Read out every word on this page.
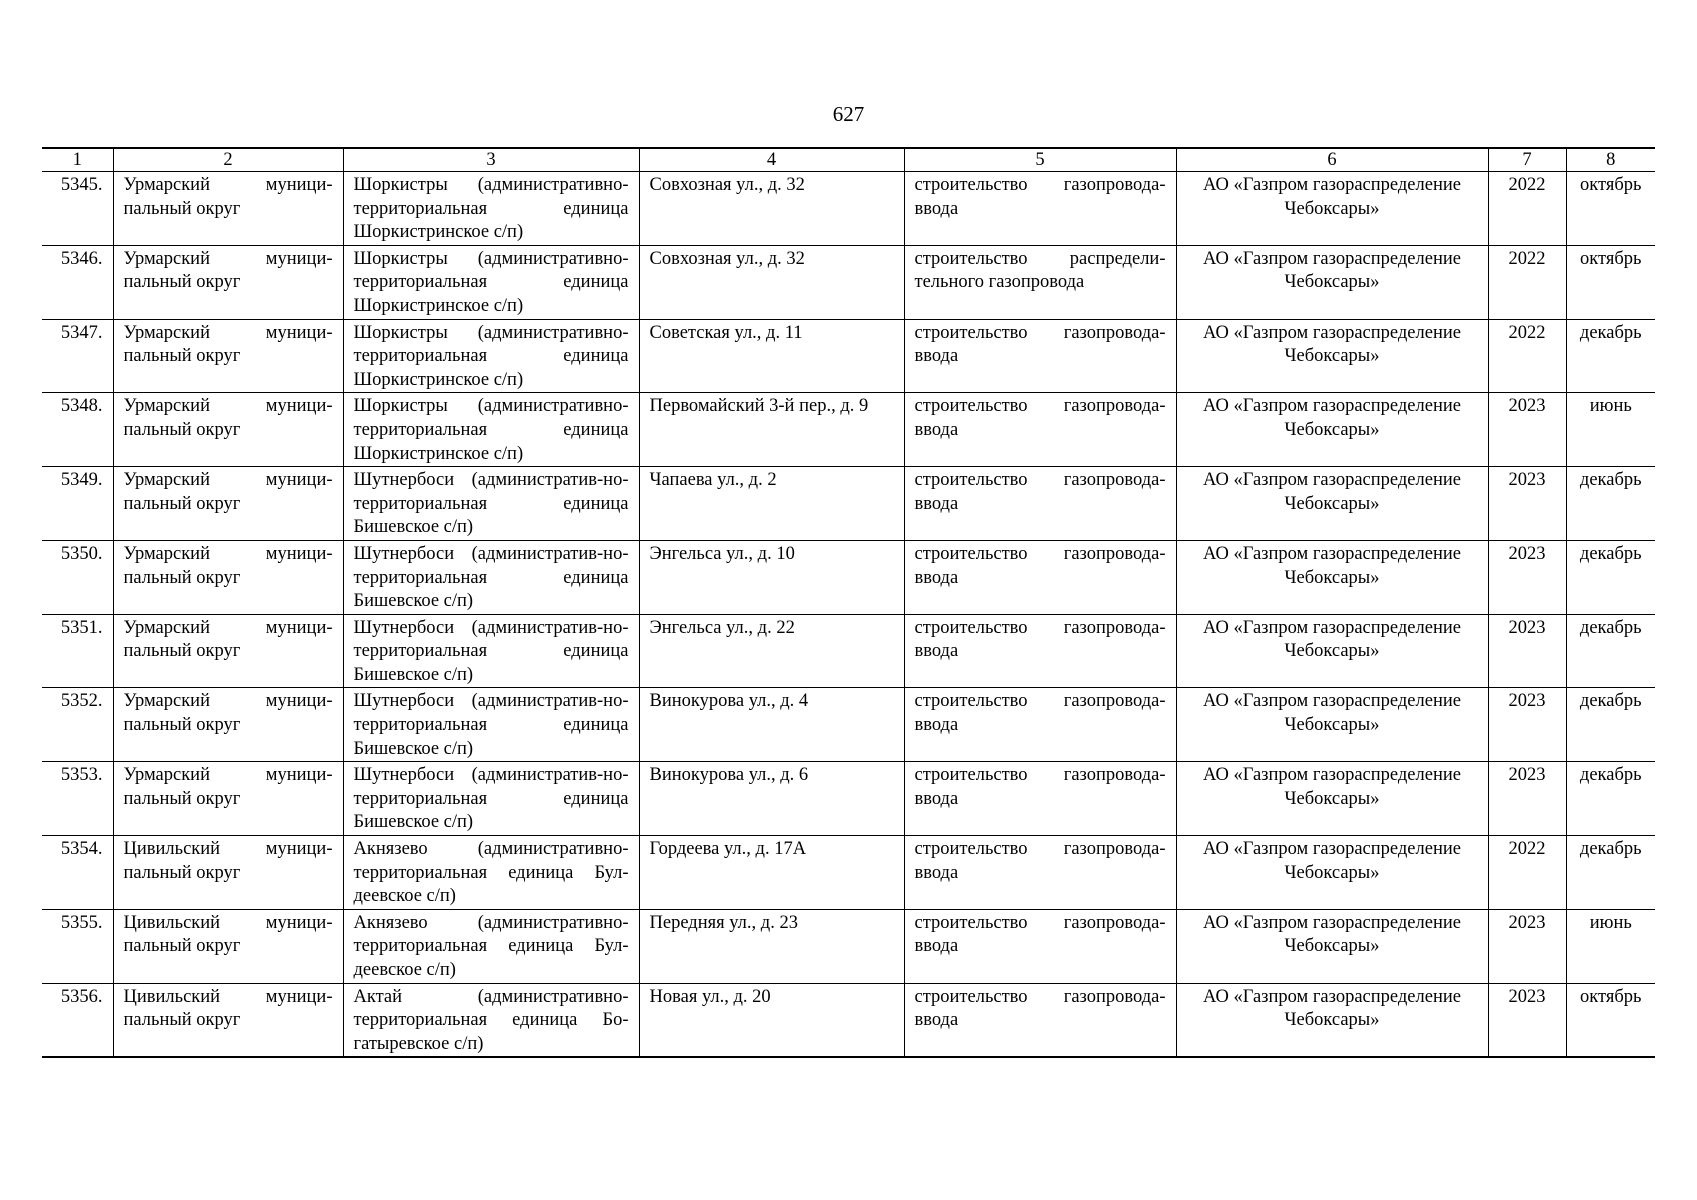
627
1	2	3	4	5	6	7	8
5345.	Урмарский муници-пальный округ	Шоркистры (административно-территориальная единица Шоркистринское с/п)	Совхозная ул., д. 32	строительство газопровода-ввода	АО «Газпром газораспределение Чебоксары»	2022	октябрь
5346.	Урмарский муници-пальный округ	Шоркистры (административно-территориальная единица Шоркистринское с/п)	Совхозная ул., д. 32	строительство распредели-тельного газопровода	АО «Газпром газораспределение Чебоксары»	2022	октябрь
5347.	Урмарский муници-пальный округ	Шоркистры (административно-территориальная единица Шоркистринское с/п)	Советская ул., д. 11	строительство газопровода-ввода	АО «Газпром газораспределение Чебоксары»	2022	декабрь
5348.	Урмарский муници-пальный округ	Шоркистры (административно-территориальная единица Шоркистринское с/п)	Первомайский 3-й пер., д. 9	строительство газопровода-ввода	АО «Газпром газораспределение Чебоксары»	2023	июнь
5349.	Урмарский муници-пальный округ	Шутнербоси (административ-но-территориальная единица Бишевское с/п)	Чапаева ул., д. 2	строительство газопровода-ввода	АО «Газпром газораспределение Чебоксары»	2023	декабрь
5350.	Урмарский муници-пальный округ	Шутнербоси (административ-но-территориальная единица Бишевское с/п)	Энгельса ул., д. 10	строительство газопровода-ввода	АО «Газпром газораспределение Чебоксары»	2023	декабрь
5351.	Урмарский муници-пальный округ	Шутнербоси (административ-но-территориальная единица Бишевское с/п)	Энгельса ул., д. 22	строительство газопровода-ввода	АО «Газпром газораспределение Чебоксары»	2023	декабрь
5352.	Урмарский муници-пальный округ	Шутнербоси (административ-но-территориальная единица Бишевское с/п)	Винокурова ул., д. 4	строительство газопровода-ввода	АО «Газпром газораспределение Чебоксары»	2023	декабрь
5353.	Урмарский муници-пальный округ	Шутнербоси (административ-но-территориальная единица Бишевское с/п)	Винокурова ул., д. 6	строительство газопровода-ввода	АО «Газпром газораспределение Чебоксары»	2023	декабрь
5354.	Цивильский муници-пальный округ	Акнязево (административно-территориальная единица Бул-деевское с/п)	Гордеева ул., д. 17А	строительство газопровода-ввода	АО «Газпром газораспределение Чебоксары»	2022	декабрь
5355.	Цивильский муници-пальный округ	Акнязево (административно-территориальная единица Бул-деевское с/п)	Передняя ул., д. 23	строительство газопровода-ввода	АО «Газпром газораспределение Чебоксары»	2023	июнь
5356.	Цивильский муници-пальный округ	Актай (административно-территориальная единица Бо-гатыревское с/п)	Новая ул., д. 20	строительство газопровода-ввода	АО «Газпром газораспределение Чебоксары»	2023	октябрь
